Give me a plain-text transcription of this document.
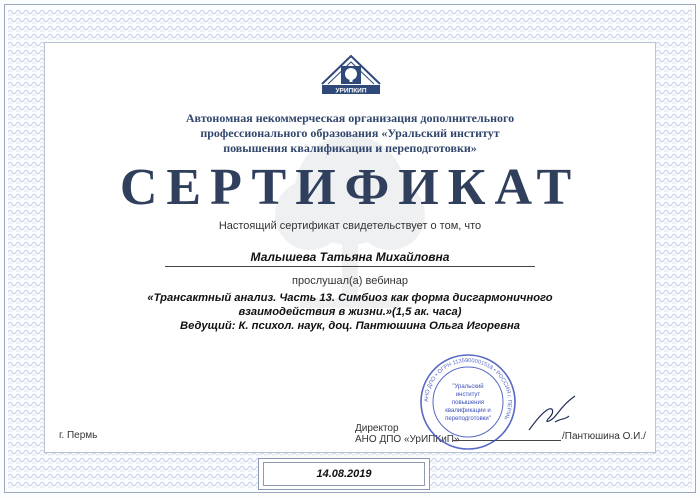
УРИПКИП
Автономная некоммерческая организация дополнительного
профессионального образования «Уральский институт
повышения квалификации и переподготовки»
СЕРТИФИКАТ
Настоящий сертификат свидетельствует о том, что
Малышева Татьяна Михайловна
прослушал(а) вебинар
«Трансактный анализ. Часть 13. Симбиоз как форма дисгармоничного
взаимодействия в жизни.»(1,5 ак. часа)
Ведущий: К. психол. наук, доц. Пантюшина Ольга Игоревна
г. Пермь
Директор
АНО ДПО «УрИПКиП»	/Пантюшина О.И./
АНО ДПО • ОГРН 1135900001518 • РОССИЯ г. ПЕРМЬ
"Уральский
институт
повышения
квалификации и
переподготовки"
14.08.2019
